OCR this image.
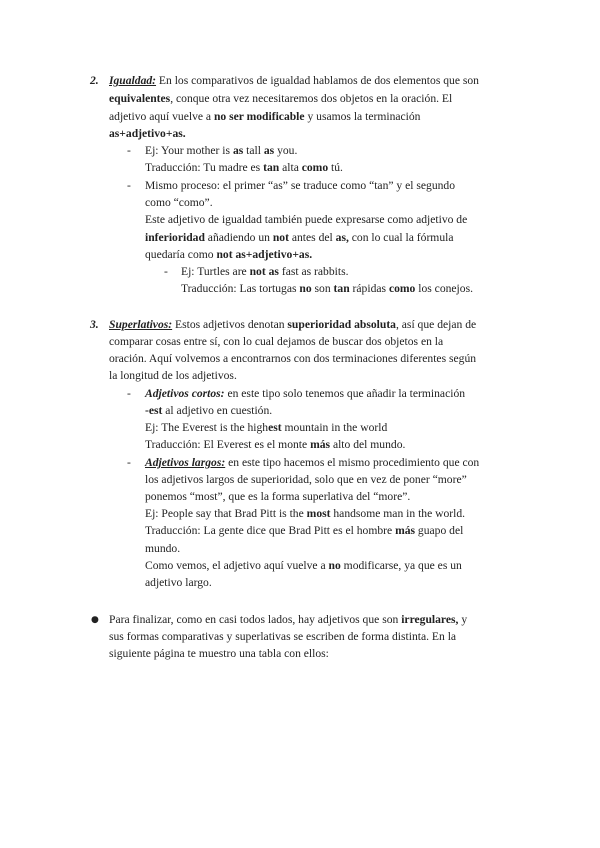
2. Igualdad: En los comparativos de igualdad hablamos de dos elementos que son
equivalentes, conque otra vez necesitaremos dos objetos en la oración. El
adjetivo aquí vuelve a no ser modificable y usamos la terminación
as+adjetivo+as.
- Ej: Your mother is as tall as you.
Traducción: Tu madre es tan alta como tú.
- Mismo proceso: el primer “as” se traduce como “tan” y el segundo
como “como”.
Este adjetivo de igualdad también puede expresarse como adjetivo de
inferioridad añadiendo un not antes del as, con lo cual la fórmula
quedaría como not as+adjetivo+as.
- Ej: Turtles are not as fast as rabbits.
Traducción: Las tortugas no son tan rápidas como los conejos.
3. Superlativos: Estos adjetivos denotan superioridad absoluta, así que dejan de
comparar cosas entre sí, con lo cual dejamos de buscar dos objetos en la
oración. Aquí volvemos a encontrarnos con dos terminaciones diferentes según
la longitud de los adjetivos.
- Adjetivos cortos: en este tipo solo tenemos que añadir la terminación
-est al adjetivo en cuestión.
Ej: The Everest is the highest mountain in the world
Traducción: El Everest es el monte más alto del mundo.
- Adjetivos largos: en este tipo hacemos el mismo procedimiento que con
los adjetivos largos de superioridad, solo que en vez de poner “more”
ponemos “most”, que es la forma superlativa del “more”.
Ej: People say that Brad Pitt is the most handsome man in the world.
Traducción: La gente dice que Brad Pitt es el hombre más guapo del
mundo.
Como vemos, el adjetivo aquí vuelve a no modificarse, ya que es un
adjetivo largo.
● Para finalizar, como en casi todos lados, hay adjetivos que son irregulares, y
sus formas comparativas y superlativas se escriben de forma distinta. En la
siguiente página te muestro una tabla con ellos:
